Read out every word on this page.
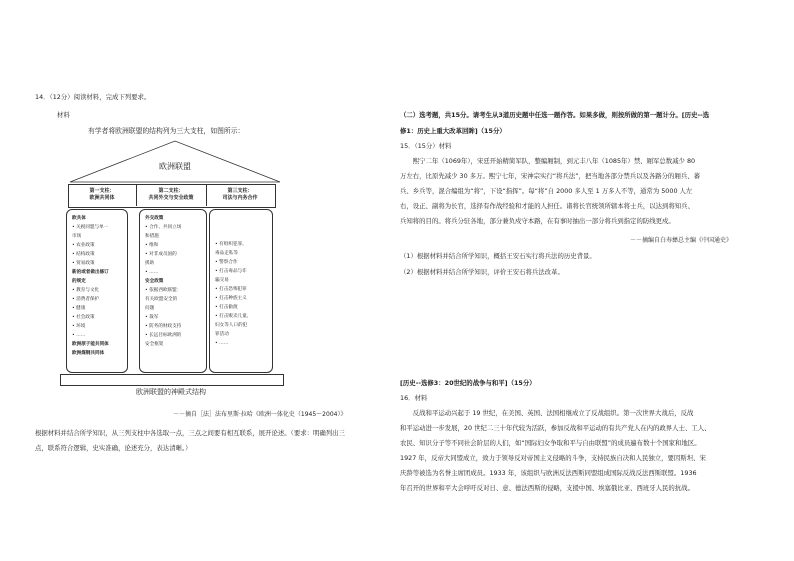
14．（12分）阅读材料，完成下列要求。
材料
有学者将欧洲联盟的结构列为三大支柱，如图所示：
欧洲联盟
第一支柱：
欧洲共同体
第二支柱：
共同外交与安全政策
第三支柱：
司法与内务合作
欧共体
• 关税同盟与单一
市场
• 农业政策
• 结构政策
• 贸易政策
新的或者做出修订
的规定
• 教育与文化
• 消费者保护
• 健康
• 社会政策
• 环境
• ……
欧洲原子能共同体
欧洲煤钢共同体
外交政策
• 合作、共同立场
和措施
• 维和
• 对非成员国的
援助
• ……
安全政策
• 依据西欧联盟：
有关欧盟安全的
问题
• 裁军
• 防务的财政支持
• 长远目标欧洲的
安全框架
• 有组织犯罪、
毒品走私等
• 警察合作
• 打击毒品与诈
骗交易
• 打击恐怖犯罪
• 打击种族主义
• 打击偷渡
• 打击贩卖儿童、
妇女等人口的犯
罪活动
• ……
欧洲联盟的神殿式结构
－－摘自［法］法布里斯·拉哈《欧洲一体化史（1945～2004）》
根据材料并结合所学知识，从三列支柱中各选取一点，三点之间要有相互联系，展开论述。（要求：明确列出三
点，联系符合逻辑，史实准确，论述充分，表达清晰。）
（二）选考题，共15分。请考生从3道历史题中任选一题作答。如果多做，则按所做的第一题计分。[历史--选
修1：历史上重大改革回眸]（15分）
15．（15分）材料
　　熙宁二年（1069年），宋廷开始精简军队，整编厢制，到元丰八年（1085年）禁、厢军总数减少 80
万左右，比原先减少 30 多万。熙宁七年，宋神宗实行“将兵法”，把当地各部分禁兵以及各路分的厢兵、蕃
兵、乡兵等，混合编组为“将”，下设“指挥”。每“将”自 2000 多人至 1 万多人不等，通常为 5000 人左
右，设正、副将为长官，选择有作战经验和才能的人担任。诸将长官统领所辖本将士兵，以达到将知兵、
兵知将的目的。将兵分驻各地，部分兼负戍守本路，在有事时抽出一部分将兵到指定的防线更戍。
－－摘编自白寿彝总主编《中国通史》
（1）根据材料并结合所学知识，概括王安石实行将兵法的历史背景。
（2）根据材料并结合所学知识，评价王安石将兵法改革。
[历史--选修3：20世纪的战争与和平]（15分）
16．材料
　　反战和平运动兴起于 19 世纪，在美国、英国、法国相继成立了反战组织。第一次世界大战后，反战
和平运动进一步发展，20 世纪二三十年代较为活跃，参加反战和平运动的有共产党人在内的政界人士、工人、
农民、知识分子等不同社会阶层的人们，如“国际妇女争取和平与自由联盟”的成员遍布数十个国家和地区。
1927 年，反帝大同盟成立，致力于领导反对帝国主义侵略的斗争，支持民族自决和人民独立，要因斯坦、宋
庆龄等被选为名誉主席团成员。1933 年，该组织与欧洲反法西斯同盟组成国际反战反法西斯联盟。1936
年召开的世界和平大会呼吁反对日、意、德法西斯的侵略，支援中国、埃塞俄比亚、西班牙人民的抗战。
